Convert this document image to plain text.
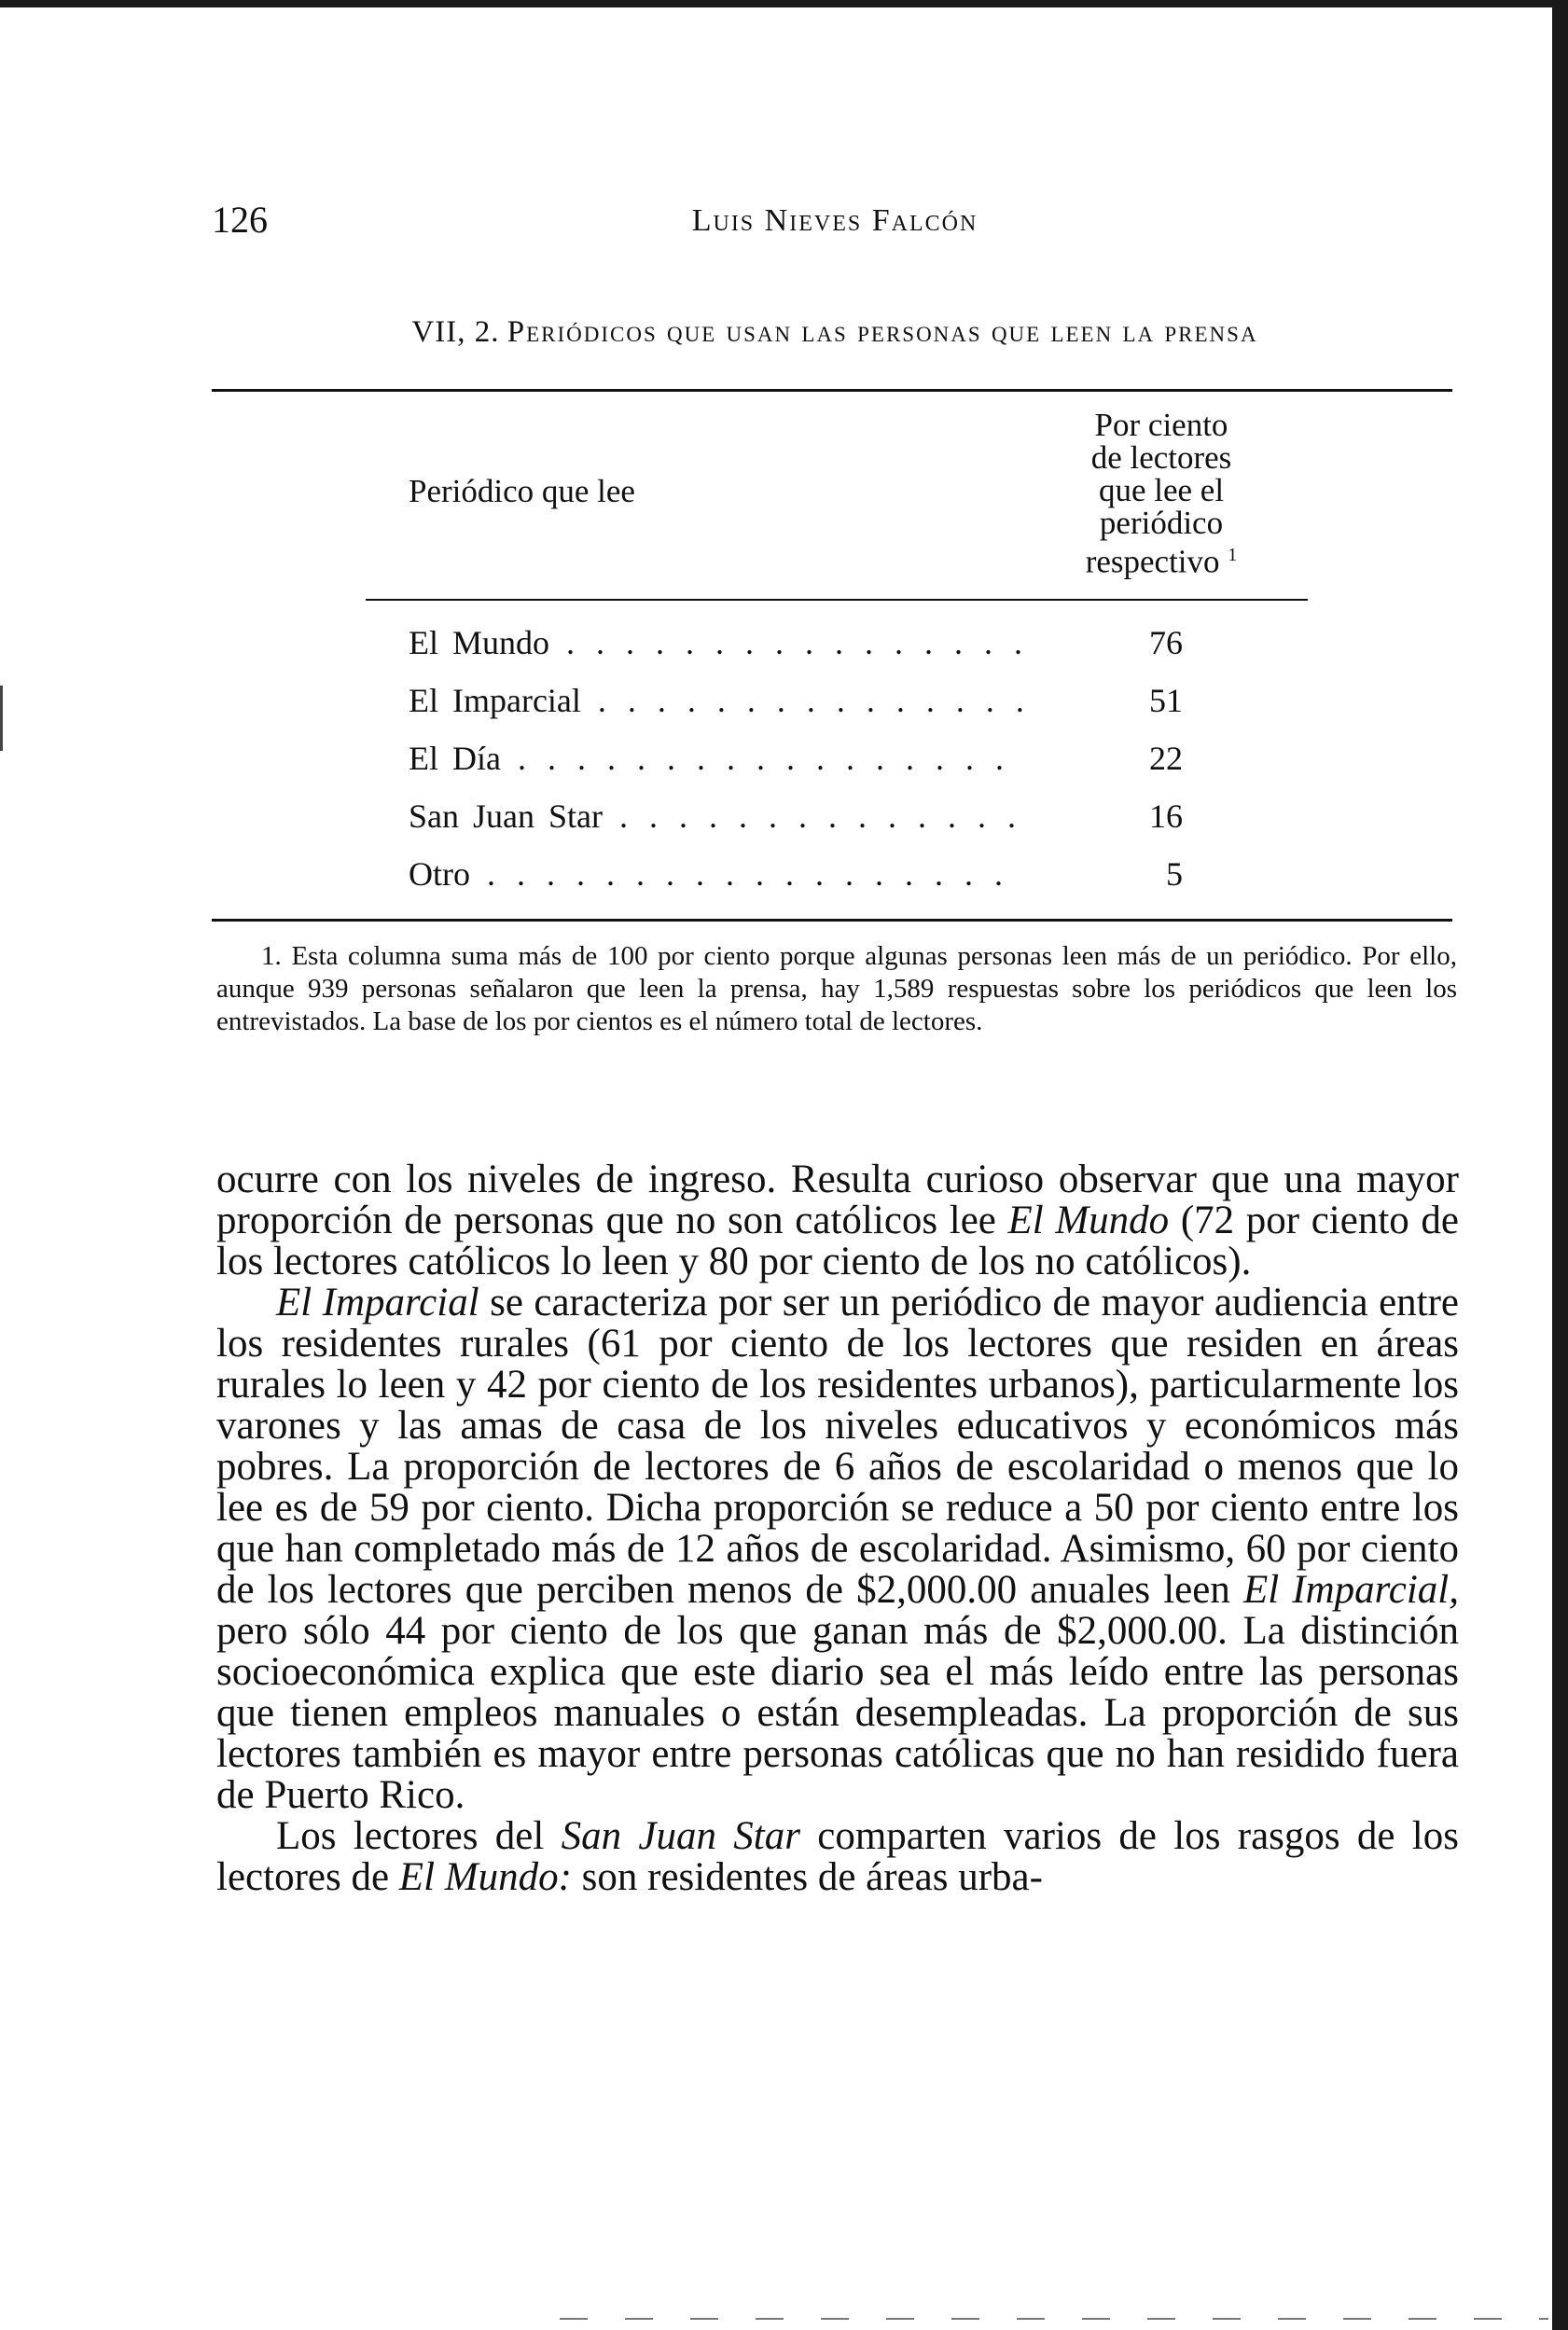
126	Luis Nieves Falcón
VII, 2. Periódicos que usan las personas que leen la prensa
Periódico que lee
Por ciento
de lectores
que lee el
periódico
respectivo $^1$
El Mundo . . .	76
El Imparcial . . .	51
El Día . . .	22
San Juan Star . . .	16
Otro . . .	5
1. Esta columna suma más de 100 por ciento porque algunas personas leen más de un periódico. Por ello, aunque 939 personas señalaron que leen la prensa, hay 1,589 respuestas sobre los periódicos que leen los entrevistados. La base de los por cientos es el número total de lectores.

ocurre con los niveles de ingreso. Resulta curioso observar que una mayor proporción de personas que no son católicos lee El Mundo (72 por ciento de los lectores católicos lo leen y 80 por ciento de los no católicos).

El Imparcial se caracteriza por ser un periódico de mayor audiencia entre los residentes rurales (61 por ciento de los lectores que residen en áreas rurales lo leen y 42 por ciento de los residentes urbanos), particularmente los varones y las amas de casa de los niveles educativos y económicos más pobres. La proporción de lectores de 6 años de escolaridad o menos que lo lee es de 59 por ciento. Dicha proporción se reduce a 50 por ciento entre los que han completado más de 12 años de escolaridad. Asimismo, 60 por ciento de los lectores que perciben menos de $2,000.00 anuales leen El Imparcial, pero sólo 44 por ciento de los que ganan más de $2,000.00. La distinción socioeconómica explica que este diario sea el más leído entre las personas que tienen empleos manuales o están desempleadas. La proporción de sus lectores también es mayor entre personas católicas que no han residido fuera de Puerto Rico.

Los lectores del San Juan Star comparten varios de los rasgos de los lectores de El Mundo: son residentes de áreas urba-
